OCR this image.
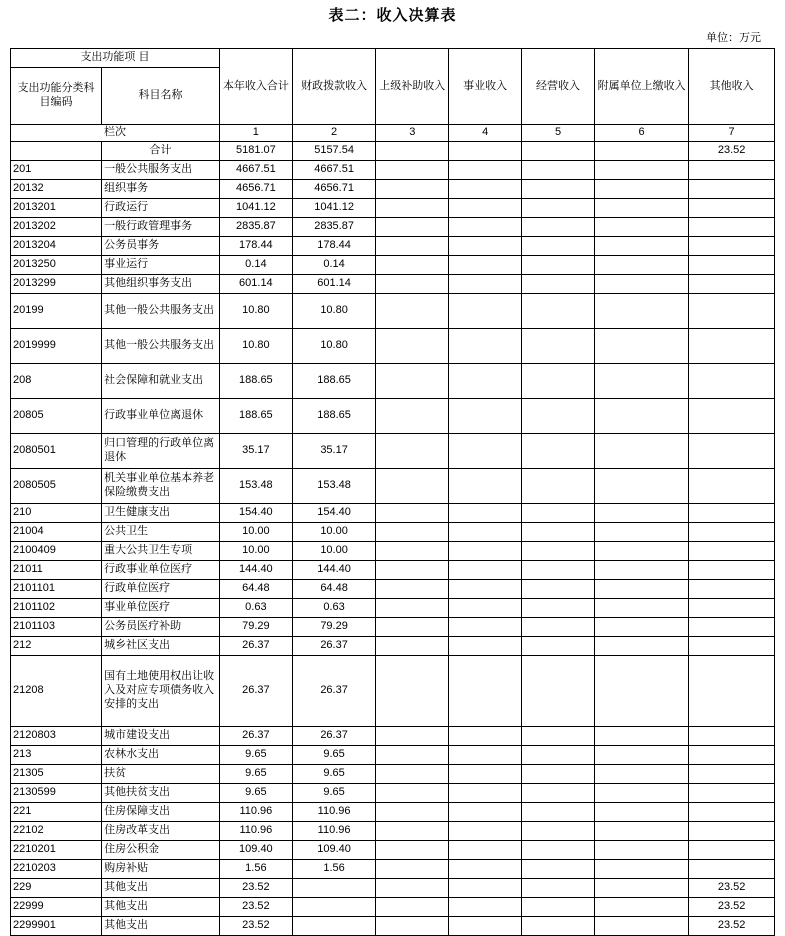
表二：收入决算表
单位：万元
支出功能项 目		本年收入合计	财政拨款收入	上级补助收入	事业收入	经营收入	附属单位上缴收入	其他收入
支出功能分类科目编码	科目名称							
栏次		1	2	3	4	5	6	7
	合计	5181.07	5157.54					23.52
201	一般公共服务支出	4667.51	4667.51					
20132	组织事务	4656.71	4656.71					
2013201	行政运行	1041.12	1041.12					
2013202	一般行政管理事务	2835.87	2835.87					
2013204	公务员事务	178.44	178.44					
2013250	事业运行	0.14	0.14					
2013299	其他组织事务支出	601.14	601.14					
20199	其他一般公共服务支出	10.80	10.80					
2019999	其他一般公共服务支出	10.80	10.80					
208	社会保障和就业支出	188.65	188.65					
20805	行政事业单位离退休	188.65	188.65					
2080501	归口管理的行政单位离退休	35.17	35.17					
2080505	机关事业单位基本养老保险缴费支出	153.48	153.48					
210	卫生健康支出	154.40	154.40					
21004	公共卫生	10.00	10.00					
2100409	重大公共卫生专项	10.00	10.00					
21011	行政事业单位医疗	144.40	144.40					
2101101	行政单位医疗	64.48	64.48					
2101102	事业单位医疗	0.63	0.63					
2101103	公务员医疗补助	79.29	79.29					
212	城乡社区支出	26.37	26.37					
21208	国有土地使用权出让收入及对应专项债务收入安排的支出	26.37	26.37					
2120803	城市建设支出	26.37	26.37					
213	农林水支出	9.65	9.65					
21305	扶贫	9.65	9.65					
2130599	其他扶贫支出	9.65	9.65					
221	住房保障支出	110.96	110.96					
22102	住房改革支出	110.96	110.96					
2210201	住房公积金	109.40	109.40					
2210203	购房补贴	1.56	1.56					
229	其他支出	23.52						23.52
22999	其他支出	23.52						23.52
2299901	其他支出	23.52						23.52
